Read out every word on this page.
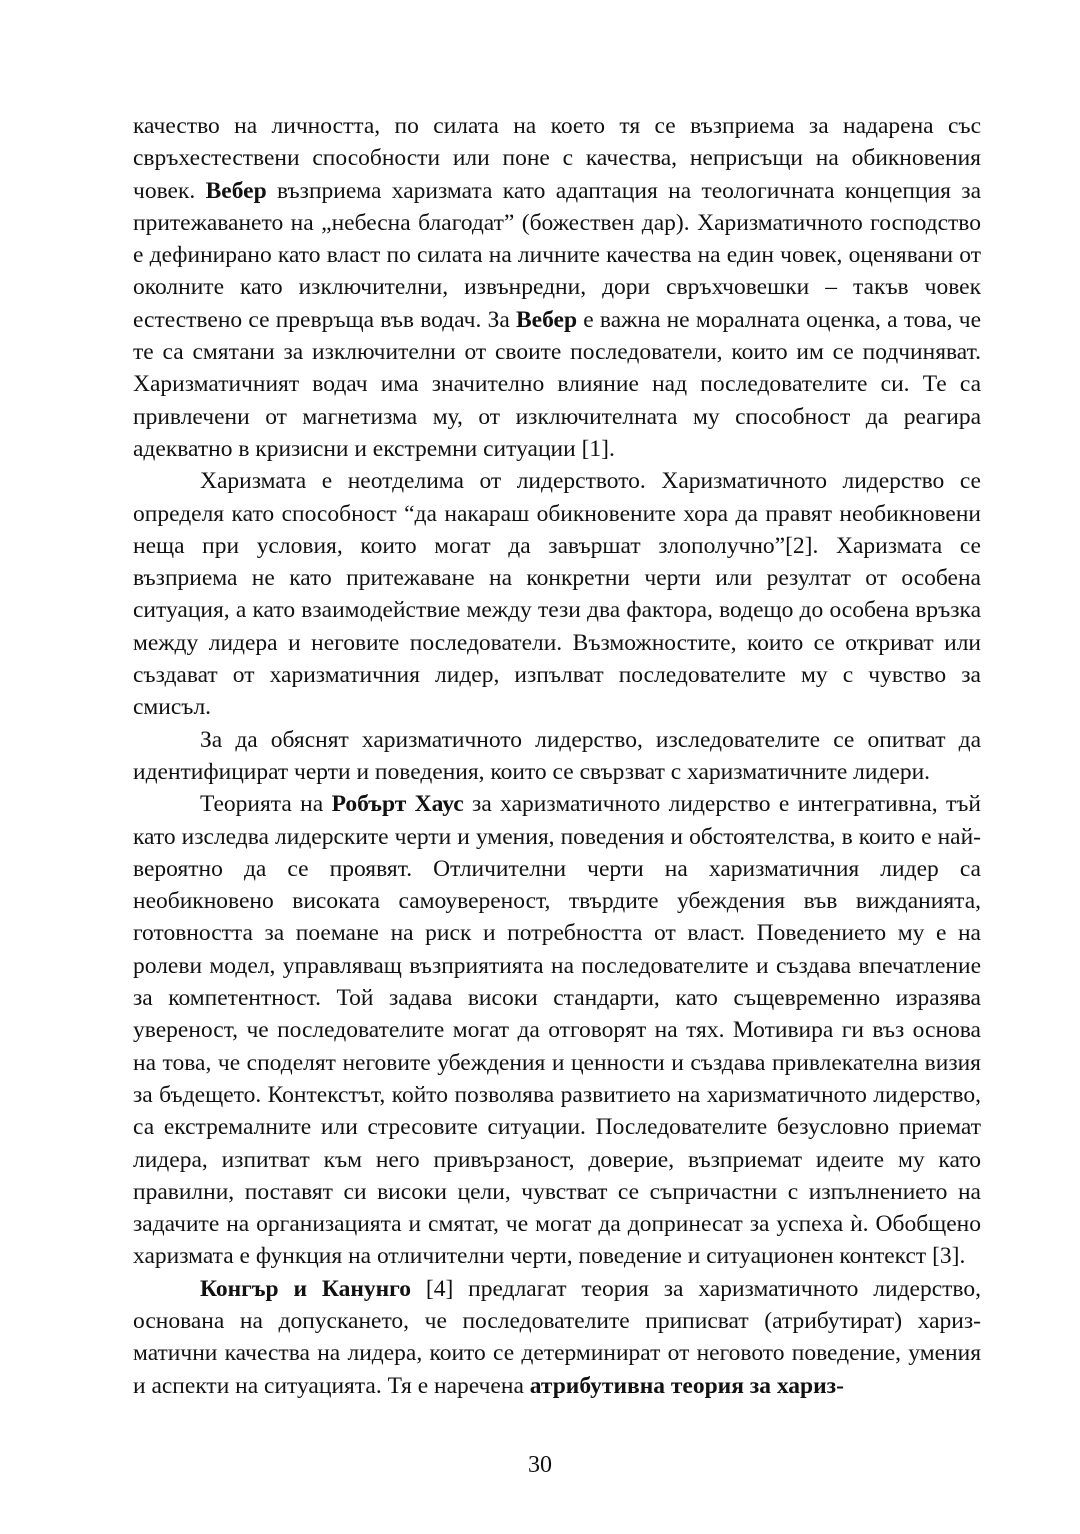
качество на личността, по силата на което тя се възприема за надарена със свръхестествени способности или поне с качества, неприсъщи на обикновения човек. Вебер възприема харизмата като адаптация на теологичната концепция за притежаването на „небесна благодат” (божествен дар). Харизматичното господство е дефинирано като власт по силата на личните качества на един човек, оценявани от околните като изключителни, извънредни, дори свръхчовешки – такъв човек естествено се превръща във водач. За Вебер е важна не моралната оценка, а това, че те са смятани за изключителни от своите последователи, които им се подчиняват. Харизматичният водач има значително влияние над последователите си. Те са привлечени от магнетизма му, от изключителната му способност да реагира адекватно в кризисни и екстремни ситуации [1].

Харизмата е неотделима от лидерството. Харизматичното лидерство се определя като способност “да накараш обикновените хора да правят необикновени неща при условия, които могат да завършат злополучно”[2]. Харизмата се възприема не като притежаване на конкретни черти или резултат от особена ситуация, а като взаимодействие между тези два фактора, водещо до особена връзка между лидера и неговите последователи. Възможностите, които се откриват или създават от харизматичния лидер, изпълват последователите му с чувство за смисъл.

За да обяснят харизматичното лидерство, изследователите се опитват да идентифицират черти и поведения, които се свързват с харизматичните лидери.

Теорията на Робърт Хаус за харизматичното лидерство е интегративна, тъй като изследва лидерските черти и умения, поведения и обстоятелства, в които е най-вероятно да се проявят. Отличителни черти на харизматичния лидер са необикновено високата самоувереност, твърдите убеждения във вижданията, готовността за поемане на риск и потребността от власт. Поведението му е на ролеви модел, управляващ възприятията на последователите и създава впечатление за компетентност. Той задава високи стандарти, като същевременно изразява увереност, че последователите могат да отговорят на тях. Мотивира ги въз основа на това, че споделят неговите убеждения и ценности и създава привлекателна визия за бъдещето. Контекстът, който позволява развитието на харизматичното лидерство, са екстремалните или стресовите ситуации. Последователите безусловно приемат лидера, изпитват към него привързаност, доверие, възприемат идеите му като правилни, поставят си високи цели, чувстват се съпричастни с изпълнението на задачите на организацията и смятат, че могат да допринесат за успеха ѝ. Обобщено харизмата е функция на отличителни черти, поведение и ситуационен контекст [3].

Конгър и Канунго [4] предлагат теория за харизматичното лидерство, основана на допускането, че последователите приписват (атрибутират) харизматични качества на лидера, които се детерминират от неговото поведение, умения и аспекти на ситуацията. Тя е наречена атрибутивна теория за хариз-

30
